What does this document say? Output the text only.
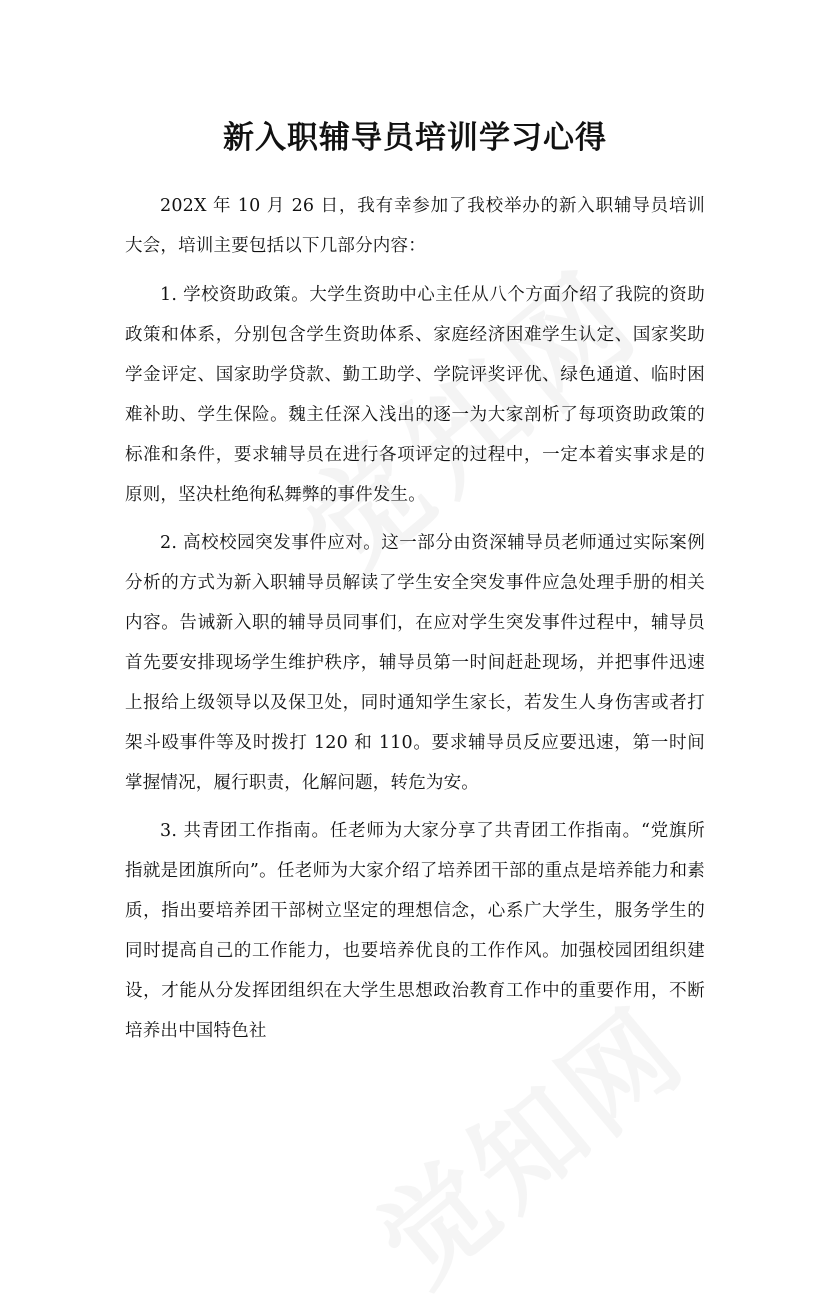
新入职辅导员培训学习心得

202X 年 10 月 26 日，我有幸参加了我校举办的新入职辅导员培训大会，培训主要包括以下几部分内容：

1. 学校资助政策。大学生资助中心主任从八个方面介绍了我院的资助政策和体系，分别包含学生资助体系、家庭经济困难学生认定、国家奖助学金评定、国家助学贷款、勤工助学、学院评奖评优、绿色通道、临时困难补助、学生保险。魏主任深入浅出的逐一为大家剖析了每项资助政策的标准和条件，要求辅导员在进行各项评定的过程中，一定本着实事求是的原则，坚决杜绝徇私舞弊的事件发生。

2. 高校校园突发事件应对。这一部分由资深辅导员老师通过实际案例分析的方式为新入职辅导员解读了学生安全突发事件应急处理手册的相关内容。告诫新入职的辅导员同事们，在应对学生突发事件过程中，辅导员首先要安排现场学生维护秩序，辅导员第一时间赶赴现场，并把事件迅速上报给上级领导以及保卫处，同时通知学生家长，若发生人身伤害或者打架斗殴事件等及时拨打 120 和 110。要求辅导员反应要迅速，第一时间掌握情况，履行职责，化解问题，转危为安。

3. 共青团工作指南。任老师为大家分享了共青团工作指南。“党旗所指就是团旗所向”。任老师为大家介绍了培养团干部的重点是培养能力和素质，指出要培养团干部树立坚定的理想信念，心系广大学生，服务学生的同时提高自己的工作能力，也要培养优良的工作作风。加强校园团组织建设，才能从分发挥团组织在大学生思想政治教育工作中的重要作用，不断培养出中国特色社
